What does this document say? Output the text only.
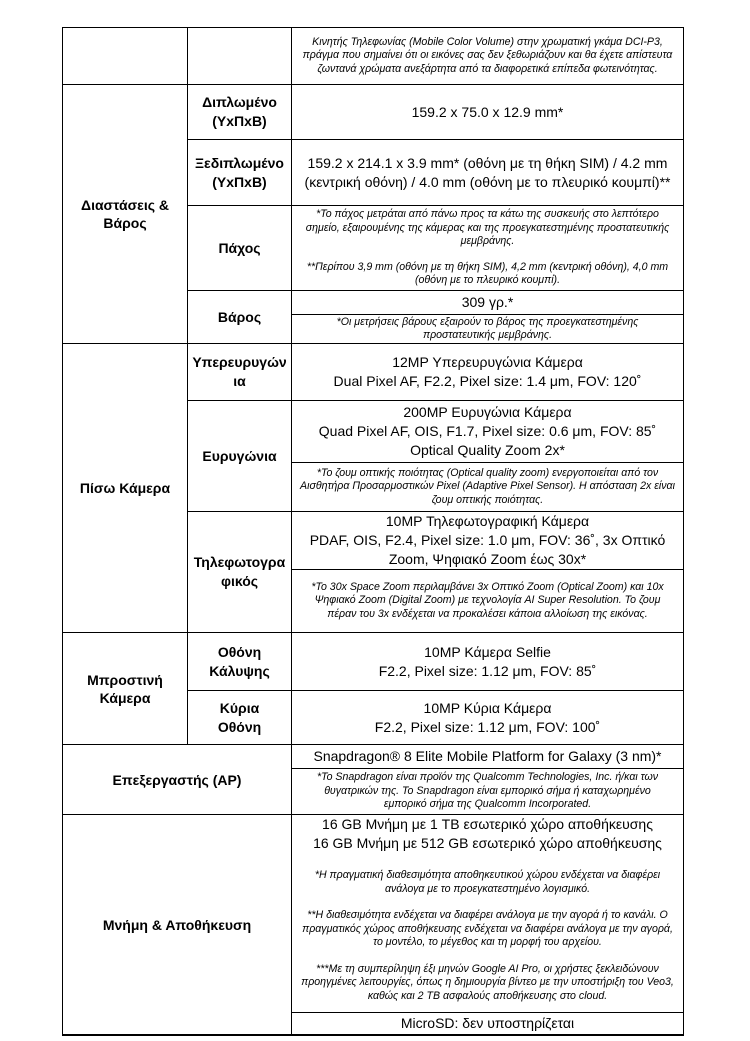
Κινητής Τηλεφωνίας (Mobile Color Volume) στην χρωματική γκάμα DCI-P3, πράγμα που σημαίνει ότι οι εικόνες σας δεν ξεθωριάζουν και θα έχετε απίστευτα ζωντανά χρώματα ανεξάρτητα από τα διαφορετικά επίπεδα φωτεινότητας.

Διαστάσεις & Βάρος
Διπλωμένο (ΥxΠxΒ)
159.2 x 75.0 x 12.9 mm*
Ξεδιπλωμένο (ΥxΠxΒ)
159.2 x 214.1 x 3.9 mm* (οθόνη με τη θήκη SIM) / 4.2 mm (κεντρική οθόνη) / 4.0 mm (οθόνη με το πλευρικό κουμπί)**
Πάχος

*Το πάχος μετράται από πάνω προς τα κάτω της συσκευής στο λεπτότερο σημείο, εξαιρουμένης της κάμερας και της προεγκατεστημένης προστατευτικής μεμβράνης.

**Περίπου 3,9 mm (οθόνη με τη θήκη SIM), 4,2 mm (κεντρική οθόνη), 4,0 mm (οθόνη με το πλευρικό κουμπί).

Βάρος
309 γρ.*

*Οι μετρήσεις βάρους εξαιρούν το βάρος της προεγκατεστημένης προστατευτικής μεμβράνης.

Πίσω Κάμερα
Υπερευρυγώνια
12MP Υπερευρυγώνια Κάμερα
Dual Pixel AF, F2.2, Pixel size: 1.4 μm, FOV: 120˚
Ευρυγώνια
200MP Ευρυγώνια Κάμερα
Quad Pixel AF, OIS, F1.7, Pixel size: 0.6 μm, FOV: 85˚
Optical Quality Zoom 2x*

*Το ζουμ οπτικής ποιότητας (Optical quality zoom) ενεργοποιείται από τον Αισθητήρα Προσαρμοστικών Pixel (Adaptive Pixel Sensor). Η απόσταση 2x είναι ζουμ οπτικής ποιότητας.

Τηλεφωτογραφικός
10MP Τηλεφωτογραφική Κάμερα
PDAF, OIS, F2.4, Pixel size: 1.0 μm, FOV: 36˚, 3x Οπτικό Zoom, Ψηφιακό Zoom έως 30x*

*Το 30x Space Zoom περιλαμβάνει 3x Οπτικό Zoom (Optical Zoom) και 10x Ψηφιακό Zoom (Digital Zoom) με τεχνολογία AI Super Resolution. Το ζουμ πέραν του 3x ενδέχεται να προκαλέσει κάποια αλλοίωση της εικόνας.

Μπροστινή Κάμερα
Οθόνη Κάλυψης
10MP Κάμερα Selfie
F2.2, Pixel size: 1.12 μm, FOV: 85˚
Κύρια Οθόνη
10MP Κύρια Κάμερα
F2.2, Pixel size: 1.12 μm, FOV: 100˚
Επεξεργαστής (AP)
Snapdragon® 8 Elite Mobile Platform for Galaxy (3 nm)*

*Το Snapdragon είναι προϊόν της Qualcomm Technologies, Inc. ή/και των θυγατρικών της. Το Snapdragon είναι εμπορικό σήμα ή καταχωρημένο εμπορικό σήμα της Qualcomm Incorporated.

Μνήμη & Αποθήκευση
16 GB Μνήμη με 1 TB εσωτερικό χώρο αποθήκευσης
16 GB Μνήμη με 512 GB εσωτερικό χώρο αποθήκευσης

*Η πραγματική διαθεσιμότητα αποθηκευτικού χώρου ενδέχεται να διαφέρει ανάλογα με το προεγκατεστημένο λογισμικό.

**Η διαθεσιμότητα ενδέχεται να διαφέρει ανάλογα με την αγορά ή το κανάλι. Ο πραγματικός χώρος αποθήκευσης ενδέχεται να διαφέρει ανάλογα με την αγορά, το μοντέλο, το μέγεθος και τη μορφή του αρχείου.

***Με τη συμπερίληψη έξι μηνών Google AI Pro, οι χρήστες ξεκλειδώνουν προηγμένες λειτουργίες, όπως η δημιουργία βίντεο με την υποστήριξη του Veo3, καθώς και 2 TB ασφαλούς αποθήκευσης στο cloud.

MicroSD: δεν υποστηρίζεται
